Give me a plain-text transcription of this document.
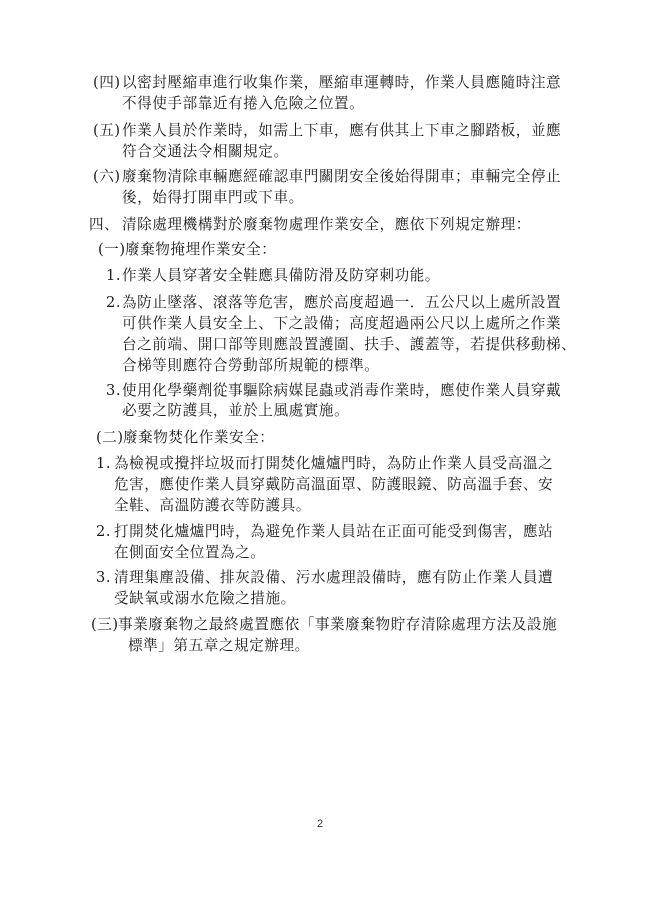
(四) 以密封壓縮車進行收集作業，壓縮車運轉時，作業人員應隨時注意
不得使手部靠近有捲入危險之位置。
(五) 作業人員於作業時，如需上下車，應有供其上下車之腳踏板，並應
符合交通法令相關規定。
(六) 廢棄物清除車輛應經確認車門關閉安全後始得開車；車輛完全停止
後，始得打開車門或下車。
四、 清除處理機構對於廢棄物處理作業安全，應依下列規定辦理：
(一) 廢棄物掩埋作業安全：
1. 作業人員穿著安全鞋應具備防滑及防穿刺功能。
2. 為防止墜落、滾落等危害，應於高度超過一．五公尺以上處所設置
可供作業人員安全上、下之設備；高度超過兩公尺以上處所之作業
台之前端、開口部等則應設置護圍、扶手、護蓋等，若提供移動梯、
合梯等則應符合勞動部所規範的標準。
3. 使用化學藥劑從事驅除病媒昆蟲或消毒作業時，應使作業人員穿戴
必要之防護具，並於上風處實施。
(二) 廢棄物焚化作業安全：
1. 為檢視或攪拌垃圾而打開焚化爐爐門時，為防止作業人員受高溫之
危害，應使作業人員穿戴防高溫面罩、防護眼鏡、防高溫手套、安
全鞋、高溫防護衣等防護具。
2. 打開焚化爐爐門時，為避免作業人員站在正面可能受到傷害，應站
在側面安全位置為之。
3. 清理集塵設備、排灰設備、污水處理設備時，應有防止作業人員遭
受缺氧或溺水危險之措施。
(三) 事業廢棄物之最終處置應依「事業廢棄物貯存清除處理方法及設施
標準」第五章之規定辦理。
2
